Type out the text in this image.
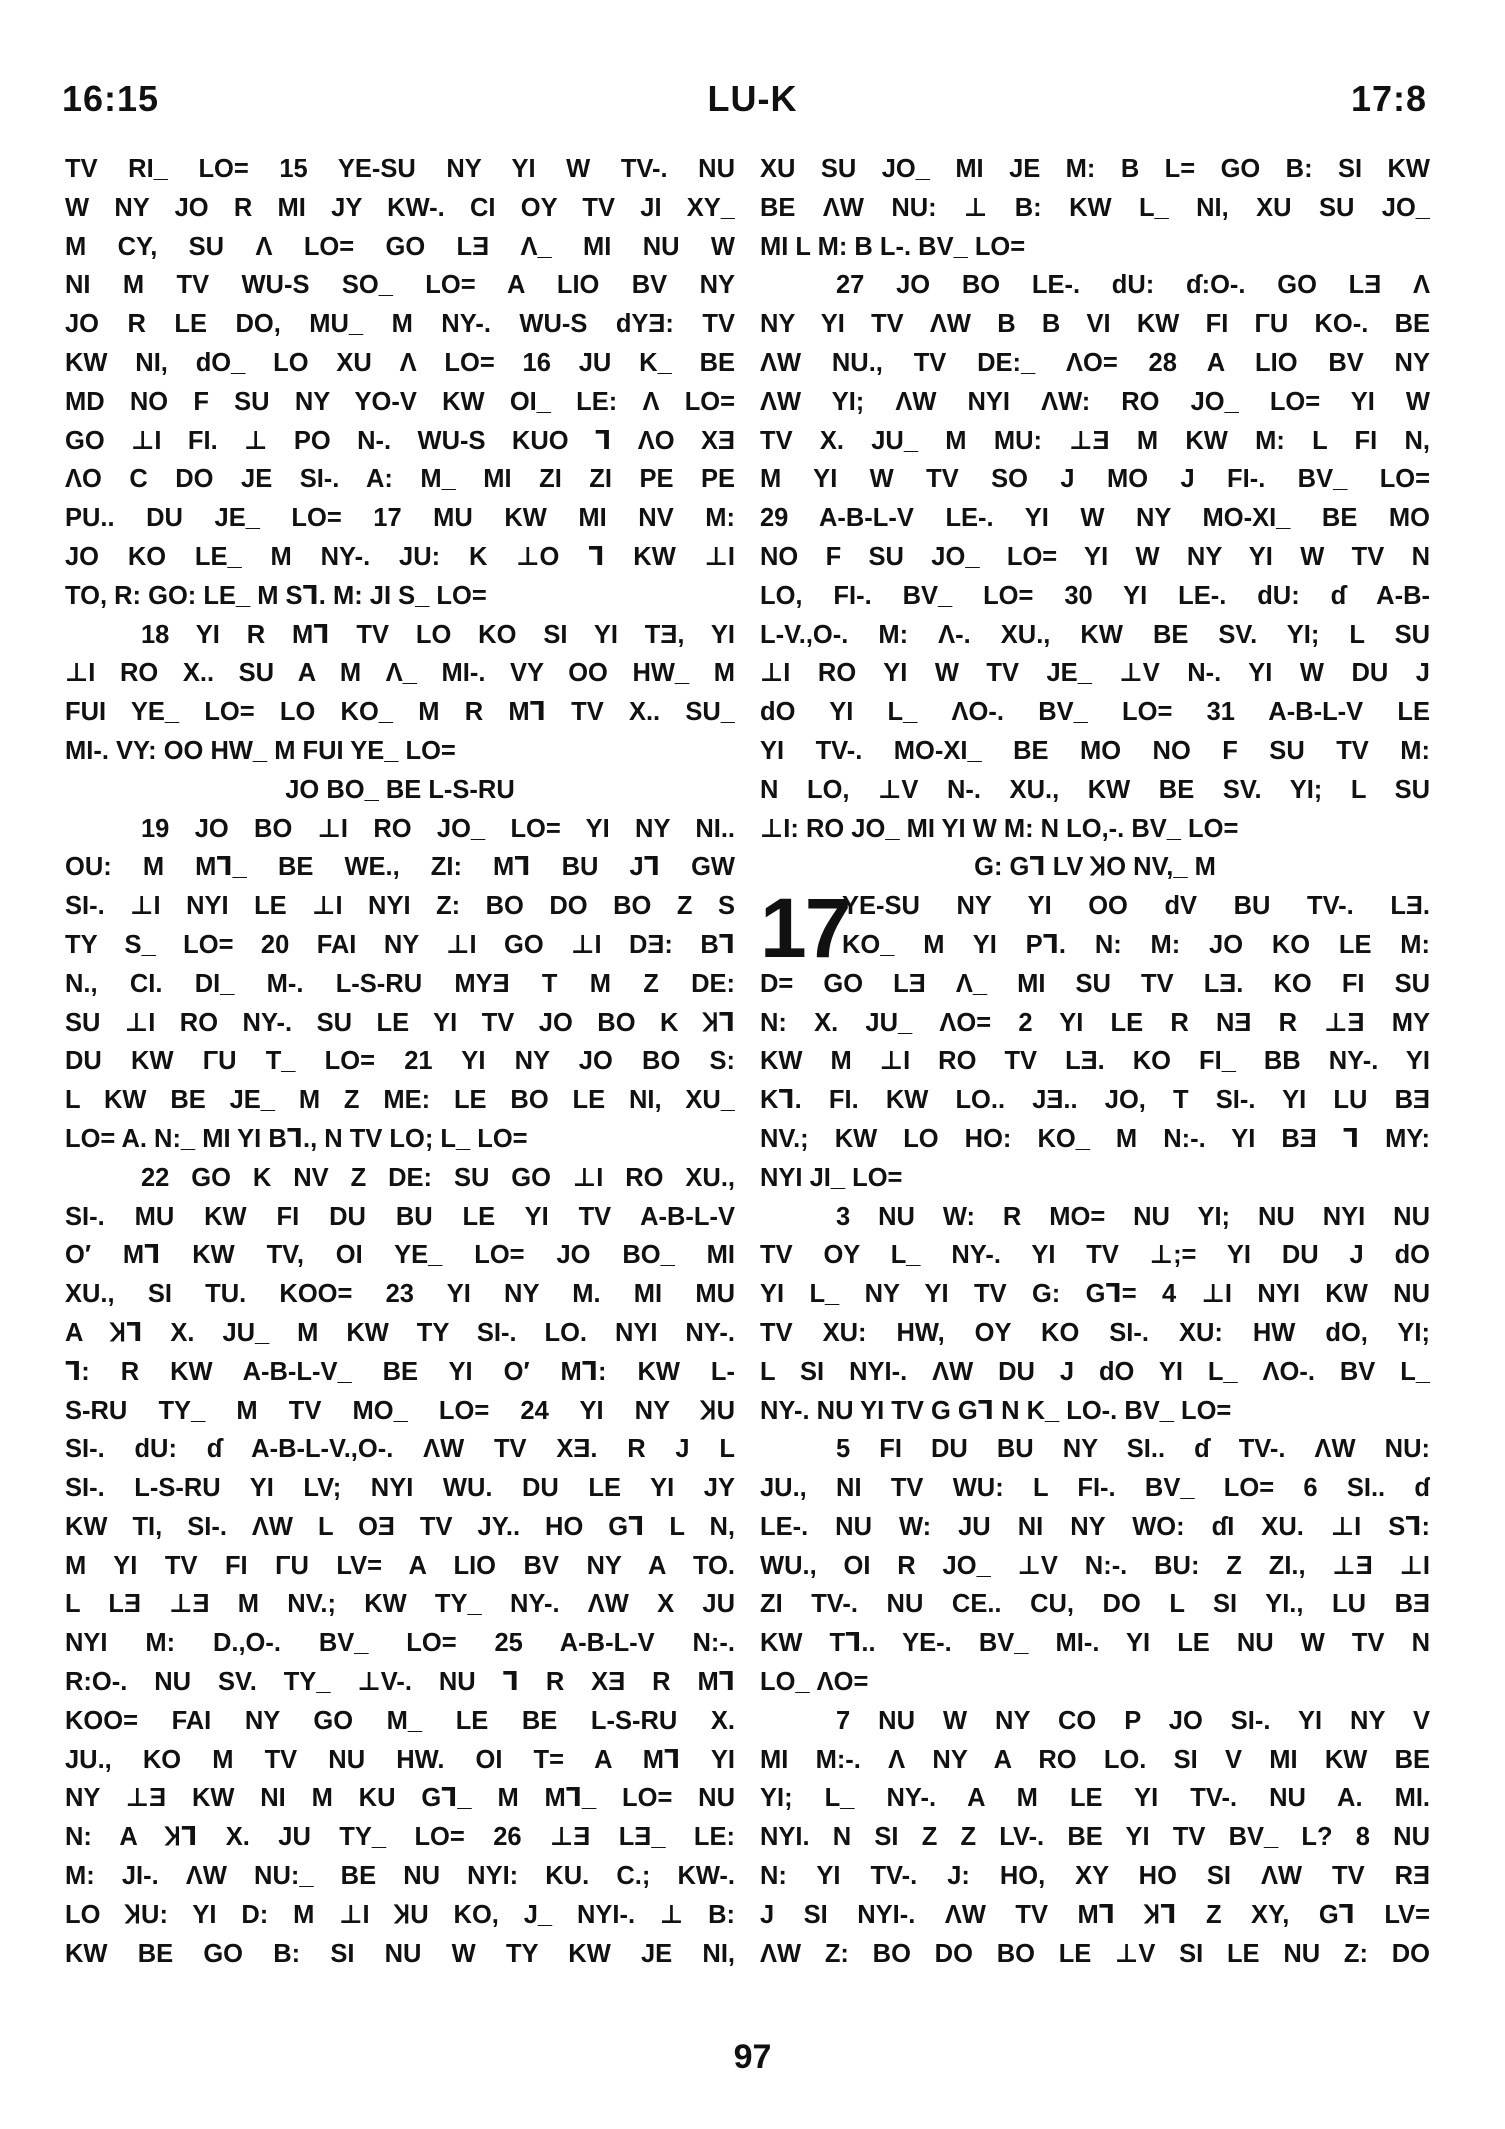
16:15	LU-K	17:8
TV RI_ LO= 15 YE-SU NY YI W TV-. NU
W NY JO R MI JY KW-. CI OY TV JI XY_
M CY, SU Λ LO= GO LƎ Λ_ MI NU W
NI M TV WU-S SO_ LO= A LIO BV NY
JO R LE DO, MU_ M NY-. WU-S dYƎ: TV
KW NI, dO_ LO XU Λ LO= 16 JU K_ BE
MD NO F SU NY YO-V KW OI_ LE: Λ LO=
GO ⊥I FI. ⊥ PO N-. WU-S KUO Ꞁ ΛO XƎ
ΛO C DO JE SI-. A: M_ MI ZI ZI PE PE
PU.. DU JE_ LO= 17 MU KW MI NV M:
JO KO LE_ M NY-. JU: K ⊥O Ꞁ KW ⊥I
TO, R: GO: LE_ M SꞀ. M: JI S_ LO=
18 YI R MꞀ TV LO KO SI YI TƎ, YI
⊥I RO X.. SU A M Λ_ MI-. VY OO HW_ M
FUI YE_ LO= LO KO_ M R MꞀ TV X.. SU_
MI-. VY: OO HW_ M FUI YE_ LO=
JO BO_ BE L-S-RU
19 JO BO ⊥I RO JO_ LO= YI NY NI..
OU: M MꞀ_ BE WE., ZI: MꞀ BU JꞀ GW
SI-. ⊥I NYI LE ⊥I NYI Z: BO DO BO Z S
TY S_ LO= 20 FAI NY ⊥I GO ⊥I DƎ: BꞀ
N., CI. DI_ M-. L-S-RU MYƎ T M Z DE:
SU ⊥I RO NY-. SU LE YI TV JO BO K ꞰꞀ
DU KW ΓU T_ LO= 21 YI NY JO BO S:
L KW BE JE_ M Z ME: LE BO LE NI, XU_
LO= A. N:_ MI YI BꞀ., N TV LO; L_ LO=
22 GO K NV Z DE: SU GO ⊥I RO XU.,
SI-. MU KW FI DU BU LE YI TV A-B-L-V
O′ MꞀ KW TV, OI YE_ LO= JO BO_ MI
XU., SI TU. KOO= 23 YI NY M. MI MU
A ꞰꞀ X. JU_ M KW TY SI-. LO. NYI NY-.
Ꞁ: R KW A-B-L-V_ BE YI O′ MꞀ: KW L-
S-RU TY_ M TV MO_ LO= 24 YI NY ꞰU
SI-. dU: ɗ A-B-L-V.,O-. ΛW TV XƎ. R J L
SI-. L-S-RU YI LV; NYI WU. DU LE YI JY
KW TI, SI-. ΛW L OƎ TV JY.. HO GꞀ L N,
M YI TV FI ΓU LV= A LIO BV NY A TO.
L LƎ ⊥Ǝ M NV.; KW TY_ NY-. ΛW X JU
NYI M: D.,O-. BV_ LO= 25 A-B-L-V N:-.
R:O-. NU SV. TY_ ⊥V-. NU Ꞁ R XƎ R MꞀ
KOO= FAI NY GO M_ LE BE L-S-RU X.
JU., KO M TV NU HW. OI T= A MꞀ YI
NY ⊥Ǝ KW NI M KU GꞀ_ M MꞀ_ LO= NU
N: A ꞰꞀ X. JU TY_ LO= 26 ⊥Ǝ LƎ_ LE:
M: JI-. ΛW NU:_ BE NU NYI: KU. C.; KW-.
LO ꞰU: YI D: M ⊥I ꞰU KO, J_ NYI-. ⊥ B:
KW BE GO B: SI NU W TY KW JE NI,
XU SU JO_ MI JE M: B L= GO B: SI KW
BE ΛW NU: ⊥ B: KW L_ NI, XU SU JO_
MI L M: B L-. BV_ LO=
27 JO BO LE-. dU: ɗ:O-. GO LƎ Λ
NY YI TV ΛW B B VI KW FI ΓU KO-. BE
ΛW NU., TV DE:_ ΛO= 28 A LIO BV NY
ΛW YI; ΛW NYI ΛW: RO JO_ LO= YI W
TV X. JU_ M MU: ⊥Ǝ M KW M: L FI N,
M YI W TV SO J MO J FI-. BV_ LO=
29 A-B-L-V LE-. YI W NY MO-XI_ BE MO
NO F SU JO_ LO= YI W NY YI W TV N
LO, FI-. BV_ LO= 30 YI LE-. dU: ɗ A-B-
L-V.,O-. M: Λ-. XU., KW BE SV. YI; L SU
⊥I RO YI W TV JE_ ⊥V N-. YI W DU J
dO YI L_ ΛO-. BV_ LO= 31 A-B-L-V LE
YI TV-. MO-XI_ BE MO NO F SU TV M:
N LO, ⊥V N-. XU., KW BE SV. YI; L SU
⊥I: RO JO_ MI YI W M: N LO,-. BV_ LO=
G: GꞀ LV ꞰO NV,_ M
17
YE-SU NY YI OO dV BU TV-. LƎ.
KO_ M YI PꞀ. N: M: JO KO LE M:
D= GO LƎ Λ_ MI SU TV LƎ. KO FI SU
N: X. JU_ ΛO= 2 YI LE R NƎ R ⊥Ǝ MY
KW M ⊥I RO TV LƎ. KO FI_ BB NY-. YI
KꞀ. FI. KW LO.. JƎ.. JO, T SI-. YI LU BƎ
NV.; KW LO HO: KO_ M N:-. YI BƎ Ꞁ MY:
NYI JI_ LO=
3 NU W: R MO= NU YI; NU NYI NU
TV OY L_ NY-. YI TV ⊥;= YI DU J dO
YI L_ NY YI TV G: GꞀ= 4 ⊥I NYI KW NU
TV XU: HW, OY KO SI-. XU: HW dO, YI;
L SI NYI-. ΛW DU J dO YI L_ ΛO-. BV L_
NY-. NU YI TV G GꞀ N K_ LO-. BV_ LO=
5 FI DU BU NY SI.. ɗ TV-. ΛW NU:
JU., NI TV WU: L FI-. BV_ LO= 6 SI.. ɗ
LE-. NU W: JU NI NY WO: ɗI XU. ⊥I SꞀ:
WU., OI R JO_ ⊥V N:-. BU: Z ZI., ⊥Ǝ ⊥I
ZI TV-. NU CE.. CU, DO L SI YI., LU BƎ
KW TꞀ.. YE-. BV_ MI-. YI LE NU W TV N
LO_ ΛO=
7 NU W NY CO P JO SI-. YI NY V
MI M:-. Λ NY A RO LO. SI V MI KW BE
YI; L_ NY-. A M LE YI TV-. NU A. MI.
NYI. N SI Z Z LV-. BE YI TV BV_ L? 8 NU
N: YI TV-. J: HO, XY HO SI ΛW TV RƎ
J SI NYI-. ΛW TV MꞀ ꞰꞀ Z XY, GꞀ LV=
ΛW Z: BO DO BO LE ⊥V SI LE NU Z: DO
97
